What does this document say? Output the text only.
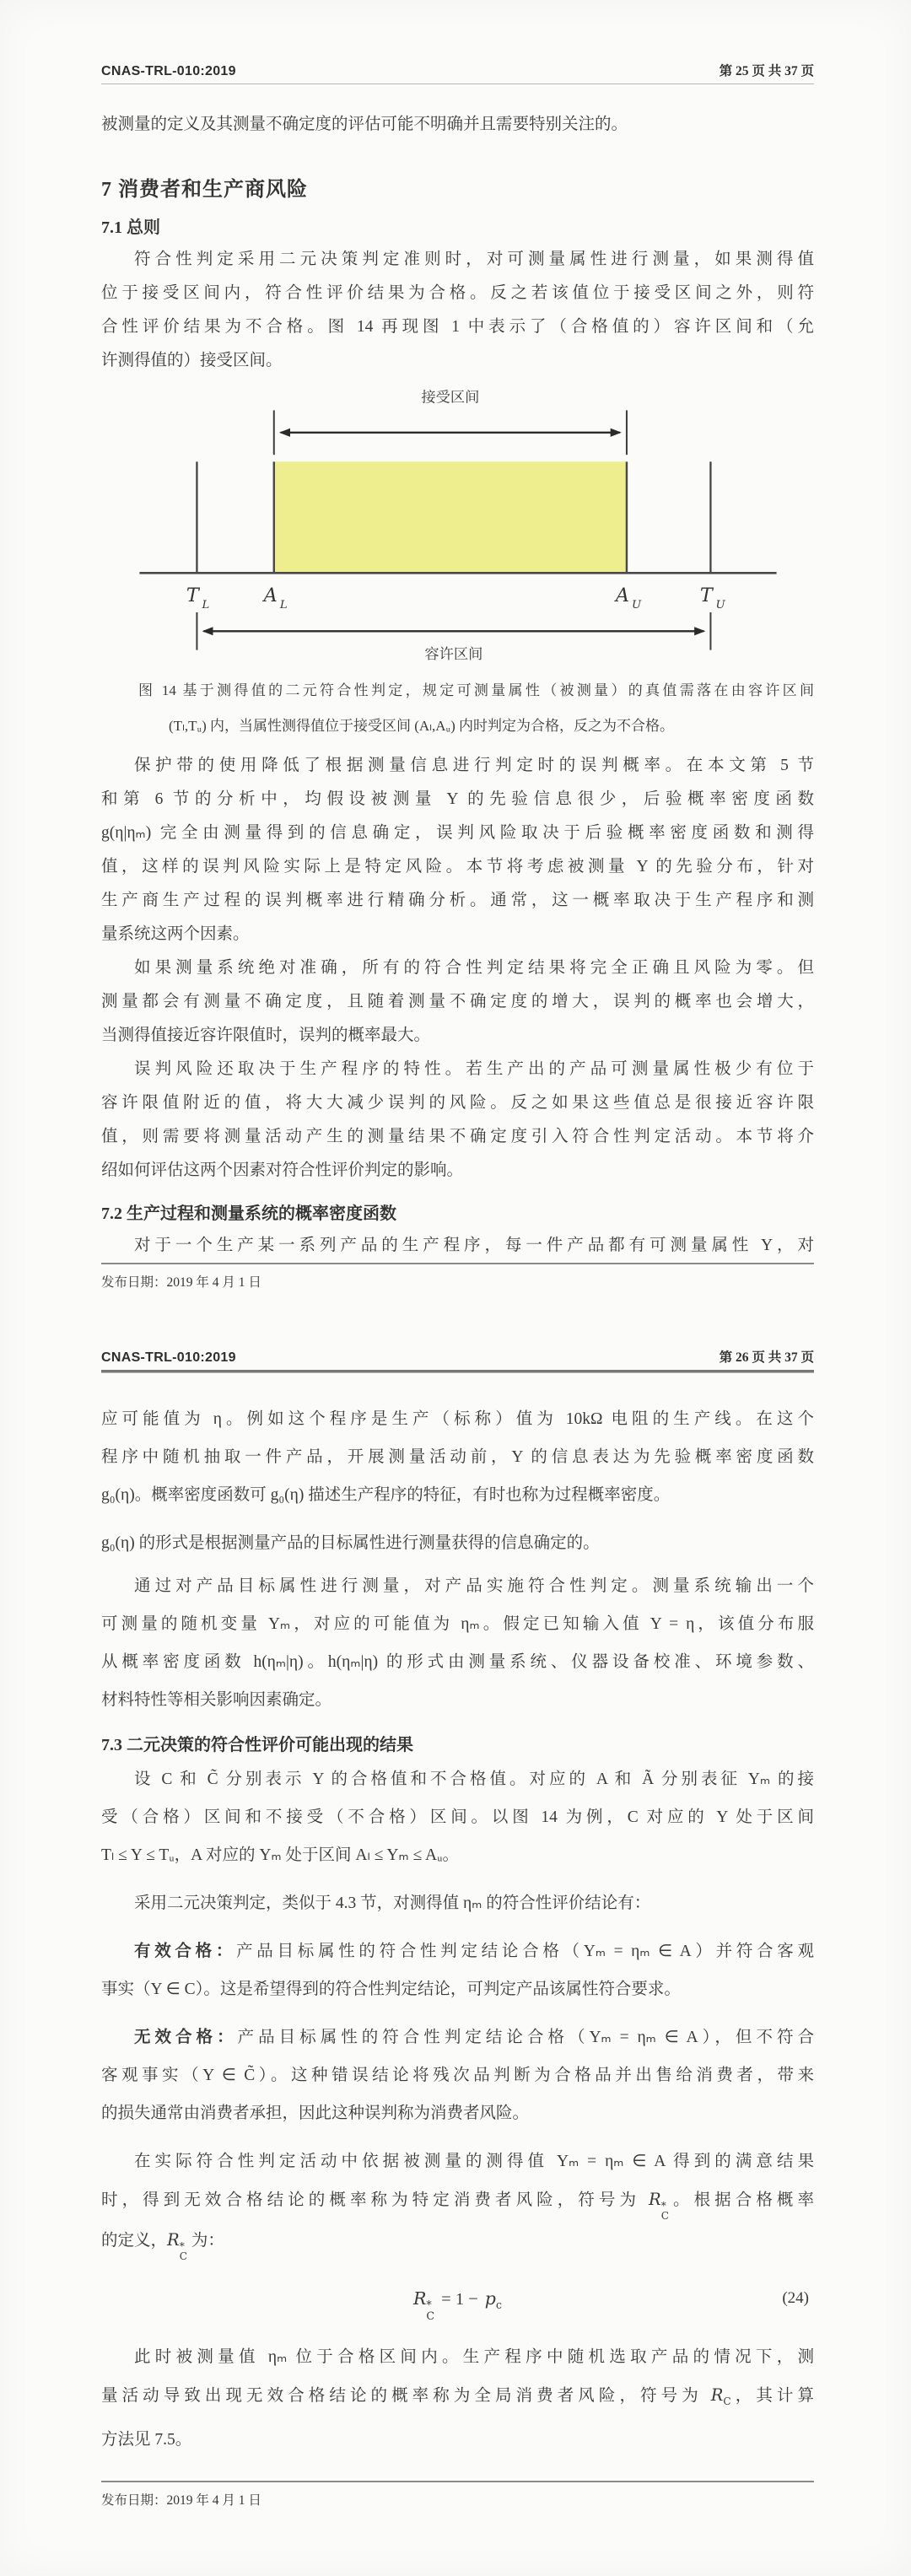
CNAS-TRL-010:2019	第 25 页 共 37 页

被测量的定义及其测量不确定度的评估可能不明确并且需要特别关注的。

7 消费者和生产商风险
7.1 总则

符合性判定采用二元决策判定准则时，对可测量属性进行测量，如果测得值

位于接受区间内，符合性评价结果为合格。反之若该值位于接受区间之外，则符

合性评价结果为不合格。图 14 再现图 1 中表示了（合格值的）容许区间和（允

许测得值的）接受区间。

接受区间
T L	A L	A U	T U
容许区间

图 14 基于测得值的二元符合性判定，规定可测量属性（被测量）的真值需落在由容许区间

(Tₗ,Tᵤ) 内，当属性测得值位于接受区间 (Aₗ,Aᵤ) 内时判定为合格，反之为不合格。

保护带的使用降低了根据测量信息进行判定时的误判概率。在本文第 5 节

和第 6 节的分析中，均假设被测量 Y 的先验信息很少，后验概率密度函数

g(η|ηₘ) 完全由测量得到的信息确定，误判风险取决于后验概率密度函数和测得

值，这样的误判风险实际上是特定风险。本节将考虑被测量 Y 的先验分布，针对

生产商生产过程的误判概率进行精确分析。通常，这一概率取决于生产程序和测

量系统这两个因素。

如果测量系统绝对准确，所有的符合性判定结果将完全正确且风险为零。但

测量都会有测量不确定度，且随着测量不确定度的增大，误判的概率也会增大，

当测得值接近容许限值时，误判的概率最大。

误判风险还取决于生产程序的特性。若生产出的产品可测量属性极少有位于

容许限值附近的值，将大大减少误判的风险。反之如果这些值总是很接近容许限

值，则需要将测量活动产生的测量结果不确定度引入符合性判定活动。本节将介

绍如何评估这两个因素对符合性评价判定的影响。

7.2 生产过程和测量系统的概率密度函数

对于一个生产某一系列产品的生产程序，每一件产品都有可测量属性 Y，对

发布日期：2019 年 4 月 1 日

CNAS-TRL-010:2019	第 26 页 共 37 页

应可能值为 η。例如这个程序是生产（标称）值为 10kΩ 电阻的生产线。在这个

程序中随机抽取一件产品，开展测量活动前，Y 的信息表达为先验概率密度函数

g₀(η)。概率密度函数可 g₀(η) 描述生产程序的特征，有时也称为过程概率密度。

g₀(η) 的形式是根据测量产品的目标属性进行测量获得的信息确定的。

通过对产品目标属性进行测量，对产品实施符合性判定。测量系统输出一个

可测量的随机变量 Yₘ，对应的可能值为 ηₘ。假定已知输入值 Y = η，该值分布服

从概率密度函数 h(ηₘ|η)。h(ηₘ|η) 的形式由测量系统、仪器设备校准、环境参数、

材料特性等相关影响因素确定。

7.3 二元决策的符合性评价可能出现的结果

设 C 和 C̃ 分别表示 Y 的合格值和不合格值。对应的 A 和 Ã 分别表征 Yₘ 的接

受（合格）区间和不接受（不合格）区间。以图 14 为例，C 对应的 Y 处于区间

Tₗ ≤ Y ≤ Tᵤ，A 对应的 Yₘ 处于区间 Aₗ ≤ Yₘ ≤ Aᵤ。

采用二元决策判定，类似于 4.3 节，对测得值 ηₘ 的符合性评价结论有：

有效合格：产品目标属性的符合性判定结论合格（Yₘ = ηₘ ∈ A）并符合客观

事实（Y ∈ C）。这是希望得到的符合性判定结论，可判定产品该属性符合要求。

无效合格：产品目标属性的符合性判定结论合格（Yₘ = ηₘ ∈ A），但不符合

客观事实（Y ∈ C̃）。这种错误结论将残次品判断为合格品并出售给消费者，带来

的损失通常由消费者承担，因此这种误判称为消费者风险。

在实际符合性判定活动中依据被测量的测得值 Yₘ = ηₘ ∈ A 得到的满意结果

时，得到无效合格结论的概率称为特定消费者风险，符号为 R *
C
。根据合格概率

的定义，R *
C
为：

R *
C
= $1 - p_c$	(24)

此时被测量值 ηₘ 位于合格区间内。生产程序中随机选取产品的情况下，测

量活动导致出现无效合格结论的概率称为全局消费者风险，符号为 $R_C$，其计算

方法见 7.5。

发布日期：2019 年 4 月 1 日
